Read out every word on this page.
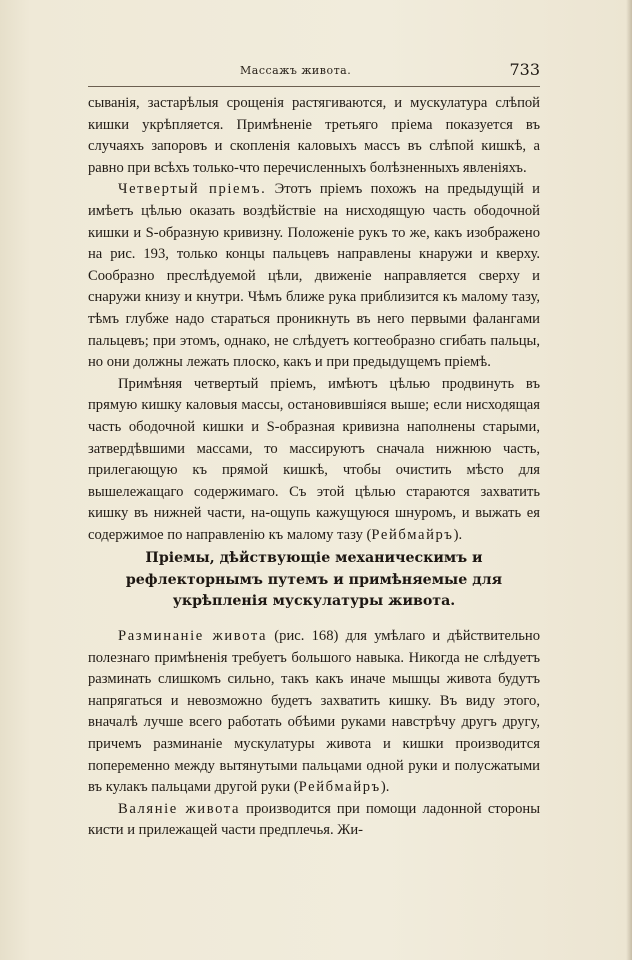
Массажъ живота.	733

сыванія, застарѣлыя срощенія растягиваются, и мускулатура слѣпой кишки укрѣпляется. Примѣненіе третьяго пріема показуется въ случаяхъ запоровъ и скопленія каловыхъ массъ въ слѣпой кишкѣ, а равно при всѣхъ только-что перечисленныхъ болѣзненныхъ явленіяхъ.

Четвертый пріемъ. Этотъ пріемъ похожъ на предыдущій и имѣетъ цѣлью оказать воздѣйствіе на нисходящую часть ободочной кишки и S-образную кривизну. Положеніе рукъ то же, какъ изображено на рис. 193, только концы пальцевъ направлены кнаружи и кверху. Сообразно преслѣдуемой цѣли, движеніе направляется сверху и снаружи книзу и кнутри. Чѣмъ ближе рука приблизится къ малому тазу, тѣмъ глубже надо стараться проникнуть въ него первыми фалангами пальцевъ; при этомъ, однако, не слѣдуетъ когтеобразно сгибать пальцы, но они должны лежать плоско, какъ и при предыдущемъ пріемѣ.

Примѣняя четвертый пріемъ, имѣютъ цѣлью продвинуть въ прямую кишку каловыя массы, остановившіяся выше; если нисходящая часть ободочной кишки и S-образная кривизна наполнены старыми, затвердѣвшими массами, то массируютъ сначала нижнюю часть, прилегающую къ прямой кишкѣ, чтобы очистить мѣсто для вышележащаго содержимаго. Съ этой цѣлью стараются захватить кишку въ нижней части, на-ощупь кажущуюся шнуромъ, и выжать ея содержимое по направленію къ малому тазу (Рейбмайръ).

Пріемы, дѣйствующіе механическимъ и рефлекторнымъ путемъ и примѣняемые для укрѣпленія мускулатуры живота.

Разминаніе живота (рис. 168) для умѣлаго и дѣйствительно полезнаго примѣненія требуетъ большого навыка. Никогда не слѣдуетъ разминать слишкомъ сильно, такъ какъ иначе мышцы живота будутъ напрягаться и невозможно будетъ захватить кишку. Въ виду этого, вначалѣ лучше всего работать обѣими руками навстрѣчу другъ другу, причемъ разминаніе мускулатуры живота и кишки производится попеременно между вытянутыми пальцами одной руки и полусжатыми въ кулакъ пальцами другой руки (Рейбмайръ).

Валяніе живота производится при помощи ладонной стороны кисти и прилежащей части предплечья. Жи-
